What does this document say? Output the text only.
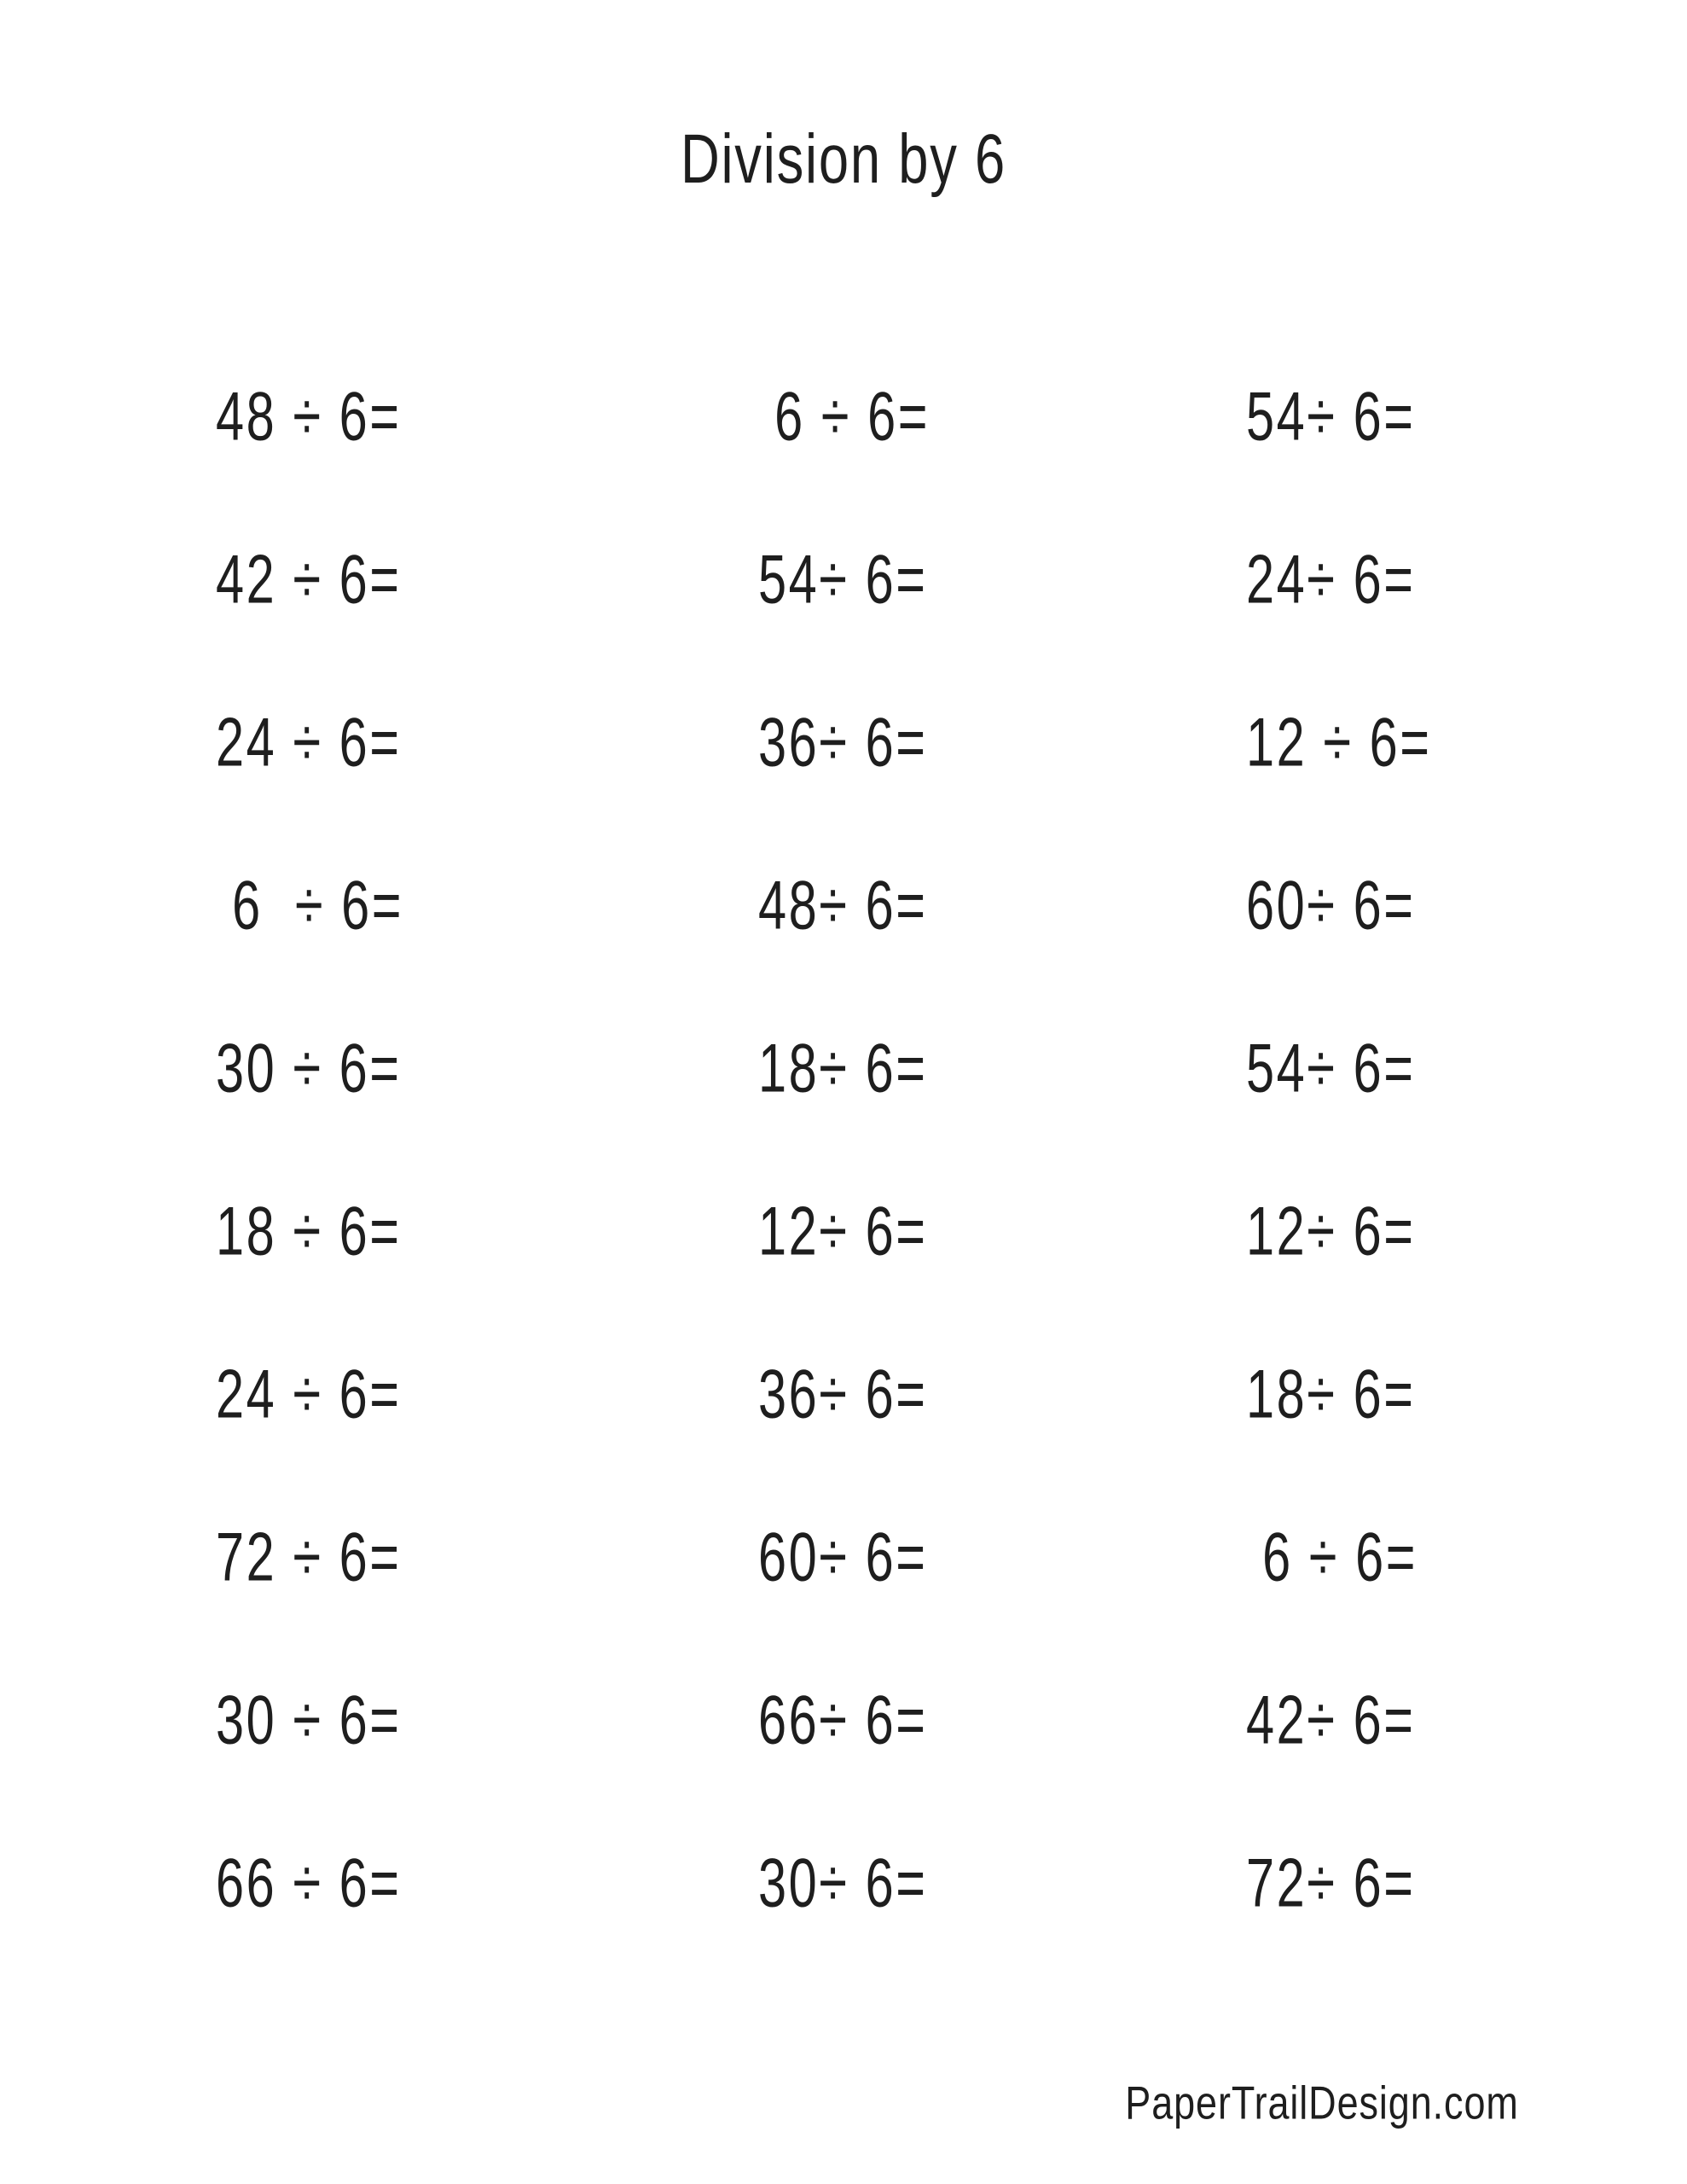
Division by 6
48 ÷ 6=	6 ÷ 6=	54÷ 6=
42 ÷ 6=	54÷ 6=	24÷ 6=
24 ÷ 6=	36÷ 6=	12 ÷ 6=
6  ÷ 6=	48÷ 6=	60÷ 6=
30 ÷ 6=	18÷ 6=	54÷ 6=
18 ÷ 6=	12÷ 6=	12÷ 6=
24 ÷ 6=	36÷ 6=	18÷ 6=
72 ÷ 6=	60÷ 6=	6 ÷ 6=
30 ÷ 6=	66÷ 6=	42÷ 6=
66 ÷ 6=	30÷ 6=	72÷ 6=
PaperTrailDesign.com
